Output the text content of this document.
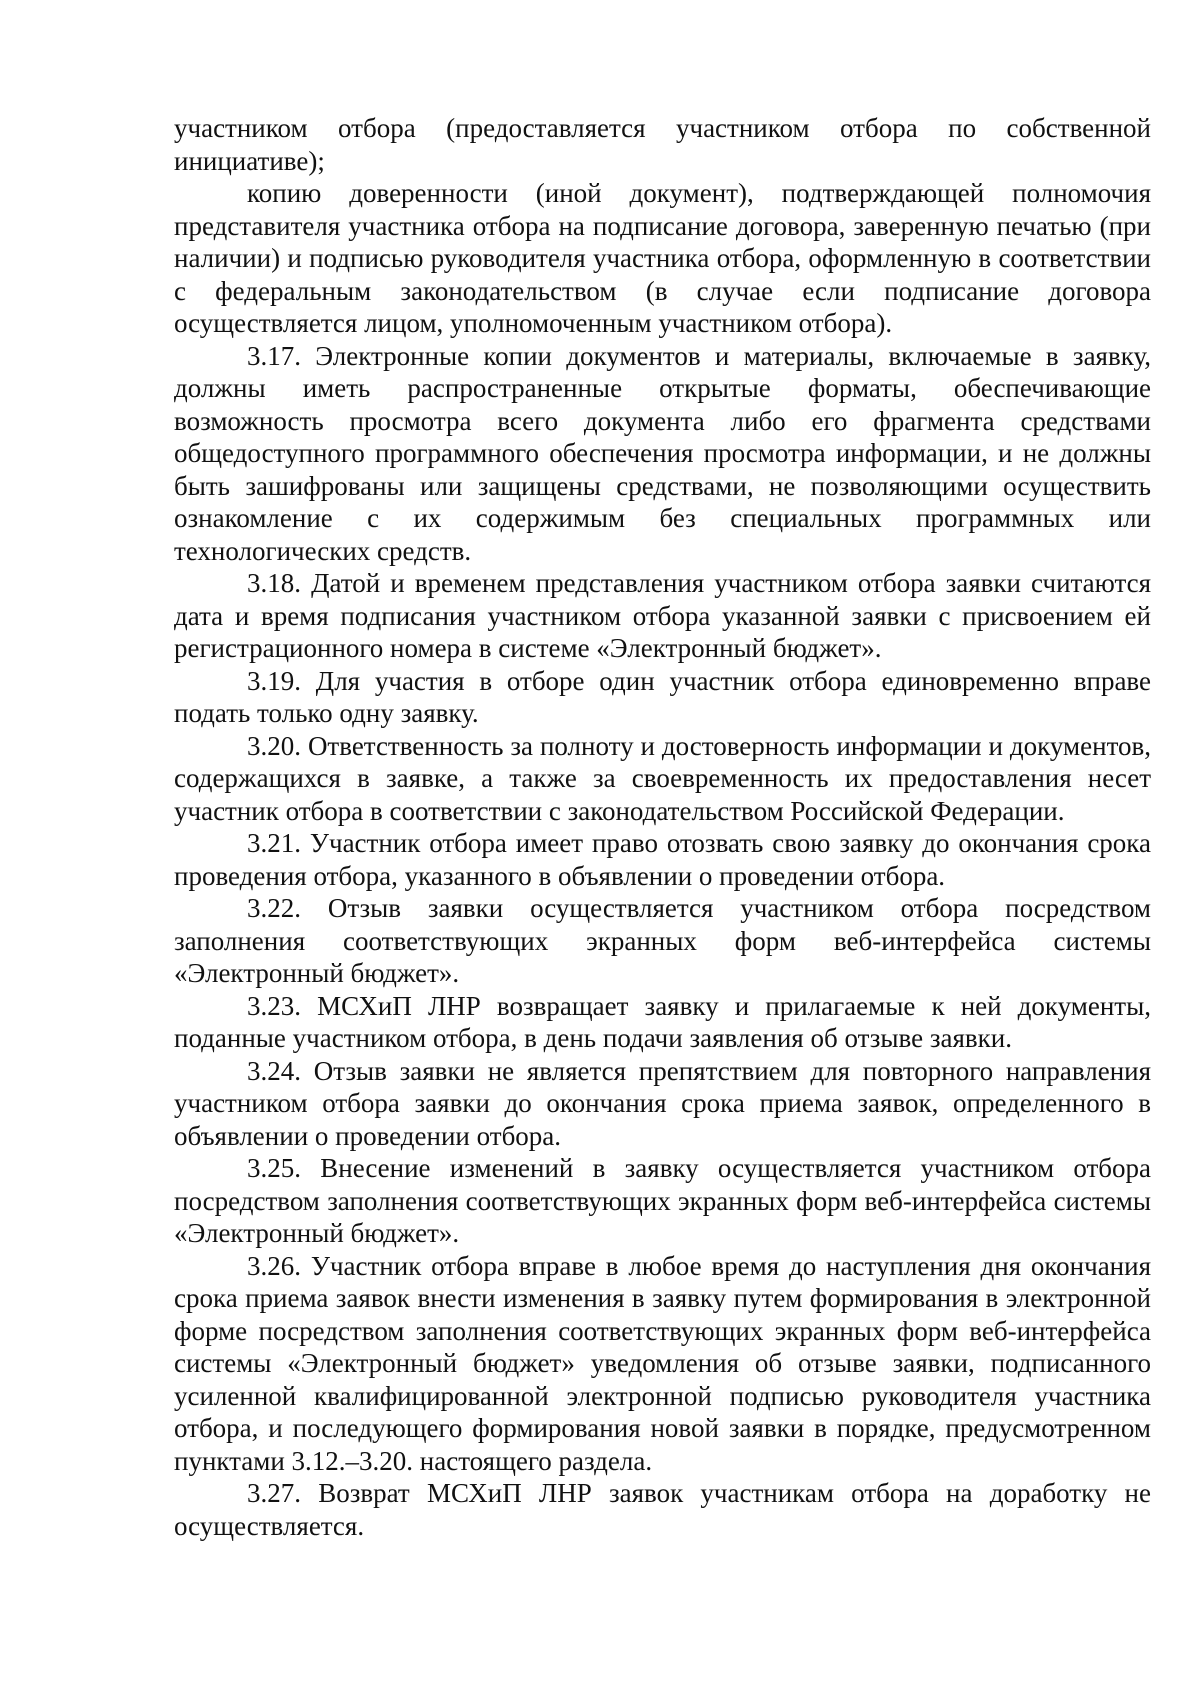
участником отбора (предоставляется участником отбора по собственной инициативе);

копию доверенности (иной документ), подтверждающей полномочия представителя участника отбора на подписание договора, заверенную печатью (при наличии) и подписью руководителя участника отбора, оформленную в соответствии с федеральным законодательством (в случае если подписание договора осуществляется лицом, уполномоченным участником отбора).

3.17. Электронные копии документов и материалы, включаемые в заявку, должны иметь распространенные открытые форматы, обеспечивающие возможность просмотра всего документа либо его фрагмента средствами общедоступного программного обеспечения просмотра информации, и не должны быть зашифрованы или защищены средствами, не позволяющими осуществить ознакомление с их содержимым без специальных программных или технологических средств.

3.18. Датой и временем представления участником отбора заявки считаются дата и время подписания участником отбора указанной заявки с присвоением ей регистрационного номера в системе «Электронный бюджет».

3.19. Для участия в отборе один участник отбора единовременно вправе подать только одну заявку.

3.20. Ответственность за полноту и достоверность информации и документов, содержащихся в заявке, а также за своевременность их предоставления несет участник отбора в соответствии с законодательством Российской Федерации.

3.21. Участник отбора имеет право отозвать свою заявку до окончания срока проведения отбора, указанного в объявлении о проведении отбора.

3.22. Отзыв заявки осуществляется участником отбора посредством заполнения соответствующих экранных форм веб-интерфейса системы «Электронный бюджет».

3.23. МСХиП ЛНР возвращает заявку и прилагаемые к ней документы, поданные участником отбора, в день подачи заявления об отзыве заявки.

3.24. Отзыв заявки не является препятствием для повторного направления участником отбора заявки до окончания срока приема заявок, определенного в объявлении о проведении отбора.

3.25. Внесение изменений в заявку осуществляется участником отбора посредством заполнения соответствующих экранных форм веб-интерфейса системы «Электронный бюджет».

3.26. Участник отбора вправе в любое время до наступления дня окончания срока приема заявок внести изменения в заявку путем формирования в электронной форме посредством заполнения соответствующих экранных форм веб-интерфейса системы «Электронный бюджет» уведомления об отзыве заявки, подписанного усиленной квалифицированной электронной подписью руководителя участника отбора, и последующего формирования новой заявки в порядке, предусмотренном пунктами 3.12.–3.20. настоящего раздела.

3.27. Возврат МСХиП ЛНР заявок участникам отбора на доработку не осуществляется.
